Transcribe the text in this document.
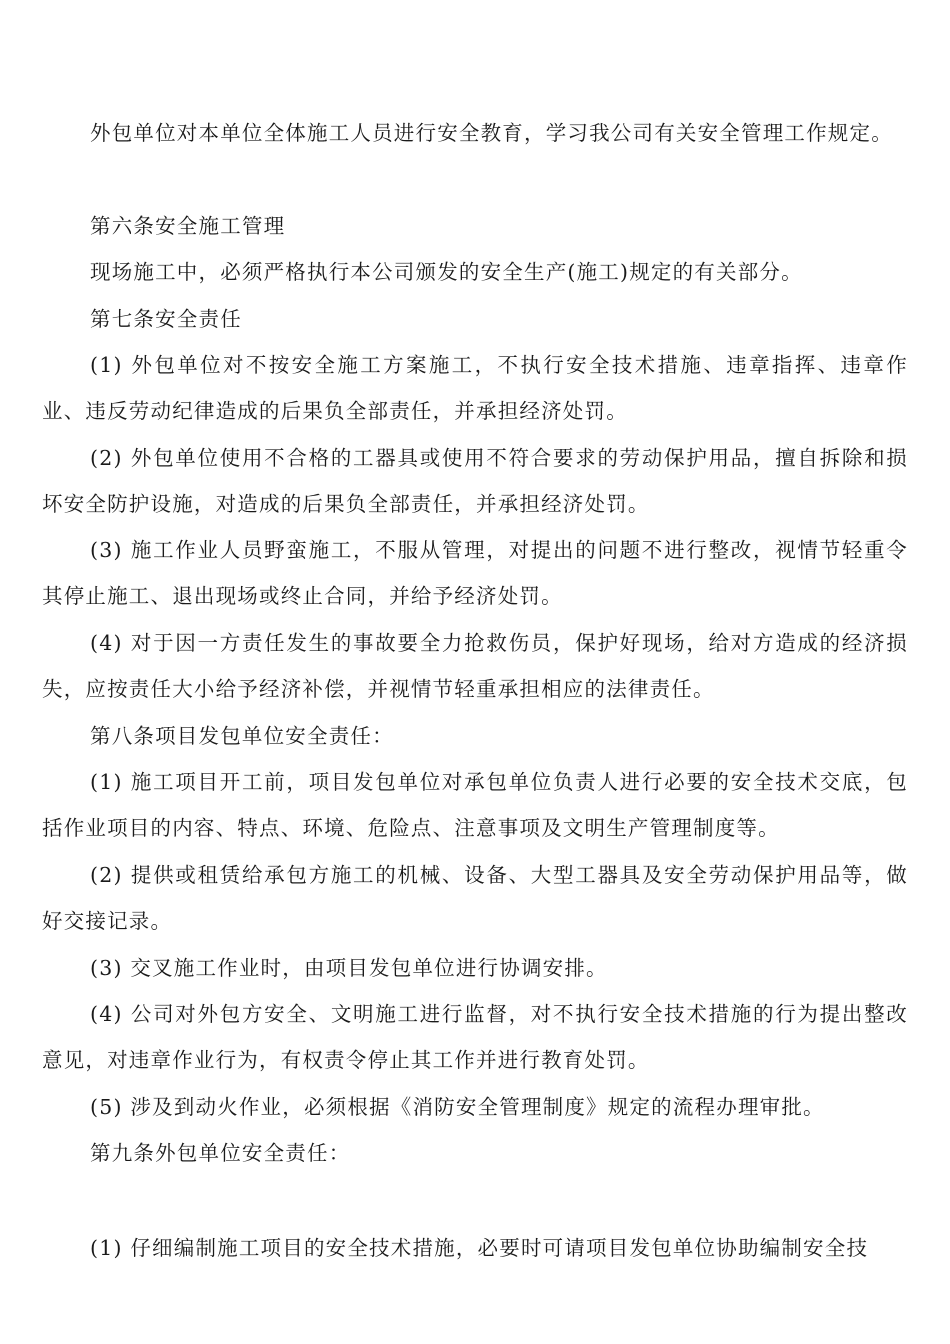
外包单位对本单位全体施工人员进行安全教育，学习我公司有关安全管理工作规定。

第六条安全施工管理

现场施工中，必须严格执行本公司颁发的安全生产(施工)规定的有关部分。

第七条安全责任

(1) 外包单位对不按安全施工方案施工，不执行安全技术措施、违章指挥、违章作业、违反劳动纪律造成的后果负全部责任，并承担经济处罚。

(2) 外包单位使用不合格的工器具或使用不符合要求的劳动保护用品，擅自拆除和损坏安全防护设施，对造成的后果负全部责任，并承担经济处罚。

(3) 施工作业人员野蛮施工，不服从管理，对提出的问题不进行整改，视情节轻重令其停止施工、退出现场或终止合同，并给予经济处罚。

(4) 对于因一方责任发生的事故要全力抢救伤员，保护好现场，给对方造成的经济损失，应按责任大小给予经济补偿，并视情节轻重承担相应的法律责任。

第八条项目发包单位安全责任：

(1) 施工项目开工前，项目发包单位对承包单位负责人进行必要的安全技术交底，包括作业项目的内容、特点、环境、危险点、注意事项及文明生产管理制度等。

(2) 提供或租赁给承包方施工的机械、设备、大型工器具及安全劳动保护用品等，做好交接记录。

(3) 交叉施工作业时，由项目发包单位进行协调安排。

(4) 公司对外包方安全、文明施工进行监督，对不执行安全技术措施的行为提出整改意见，对违章作业行为，有权责令停止其工作并进行教育处罚。

(5) 涉及到动火作业，必须根据《消防安全管理制度》规定的流程办理审批。

第九条外包单位安全责任：

(1) 仔细编制施工项目的安全技术措施，必要时可请项目发包单位协助编制安全技
